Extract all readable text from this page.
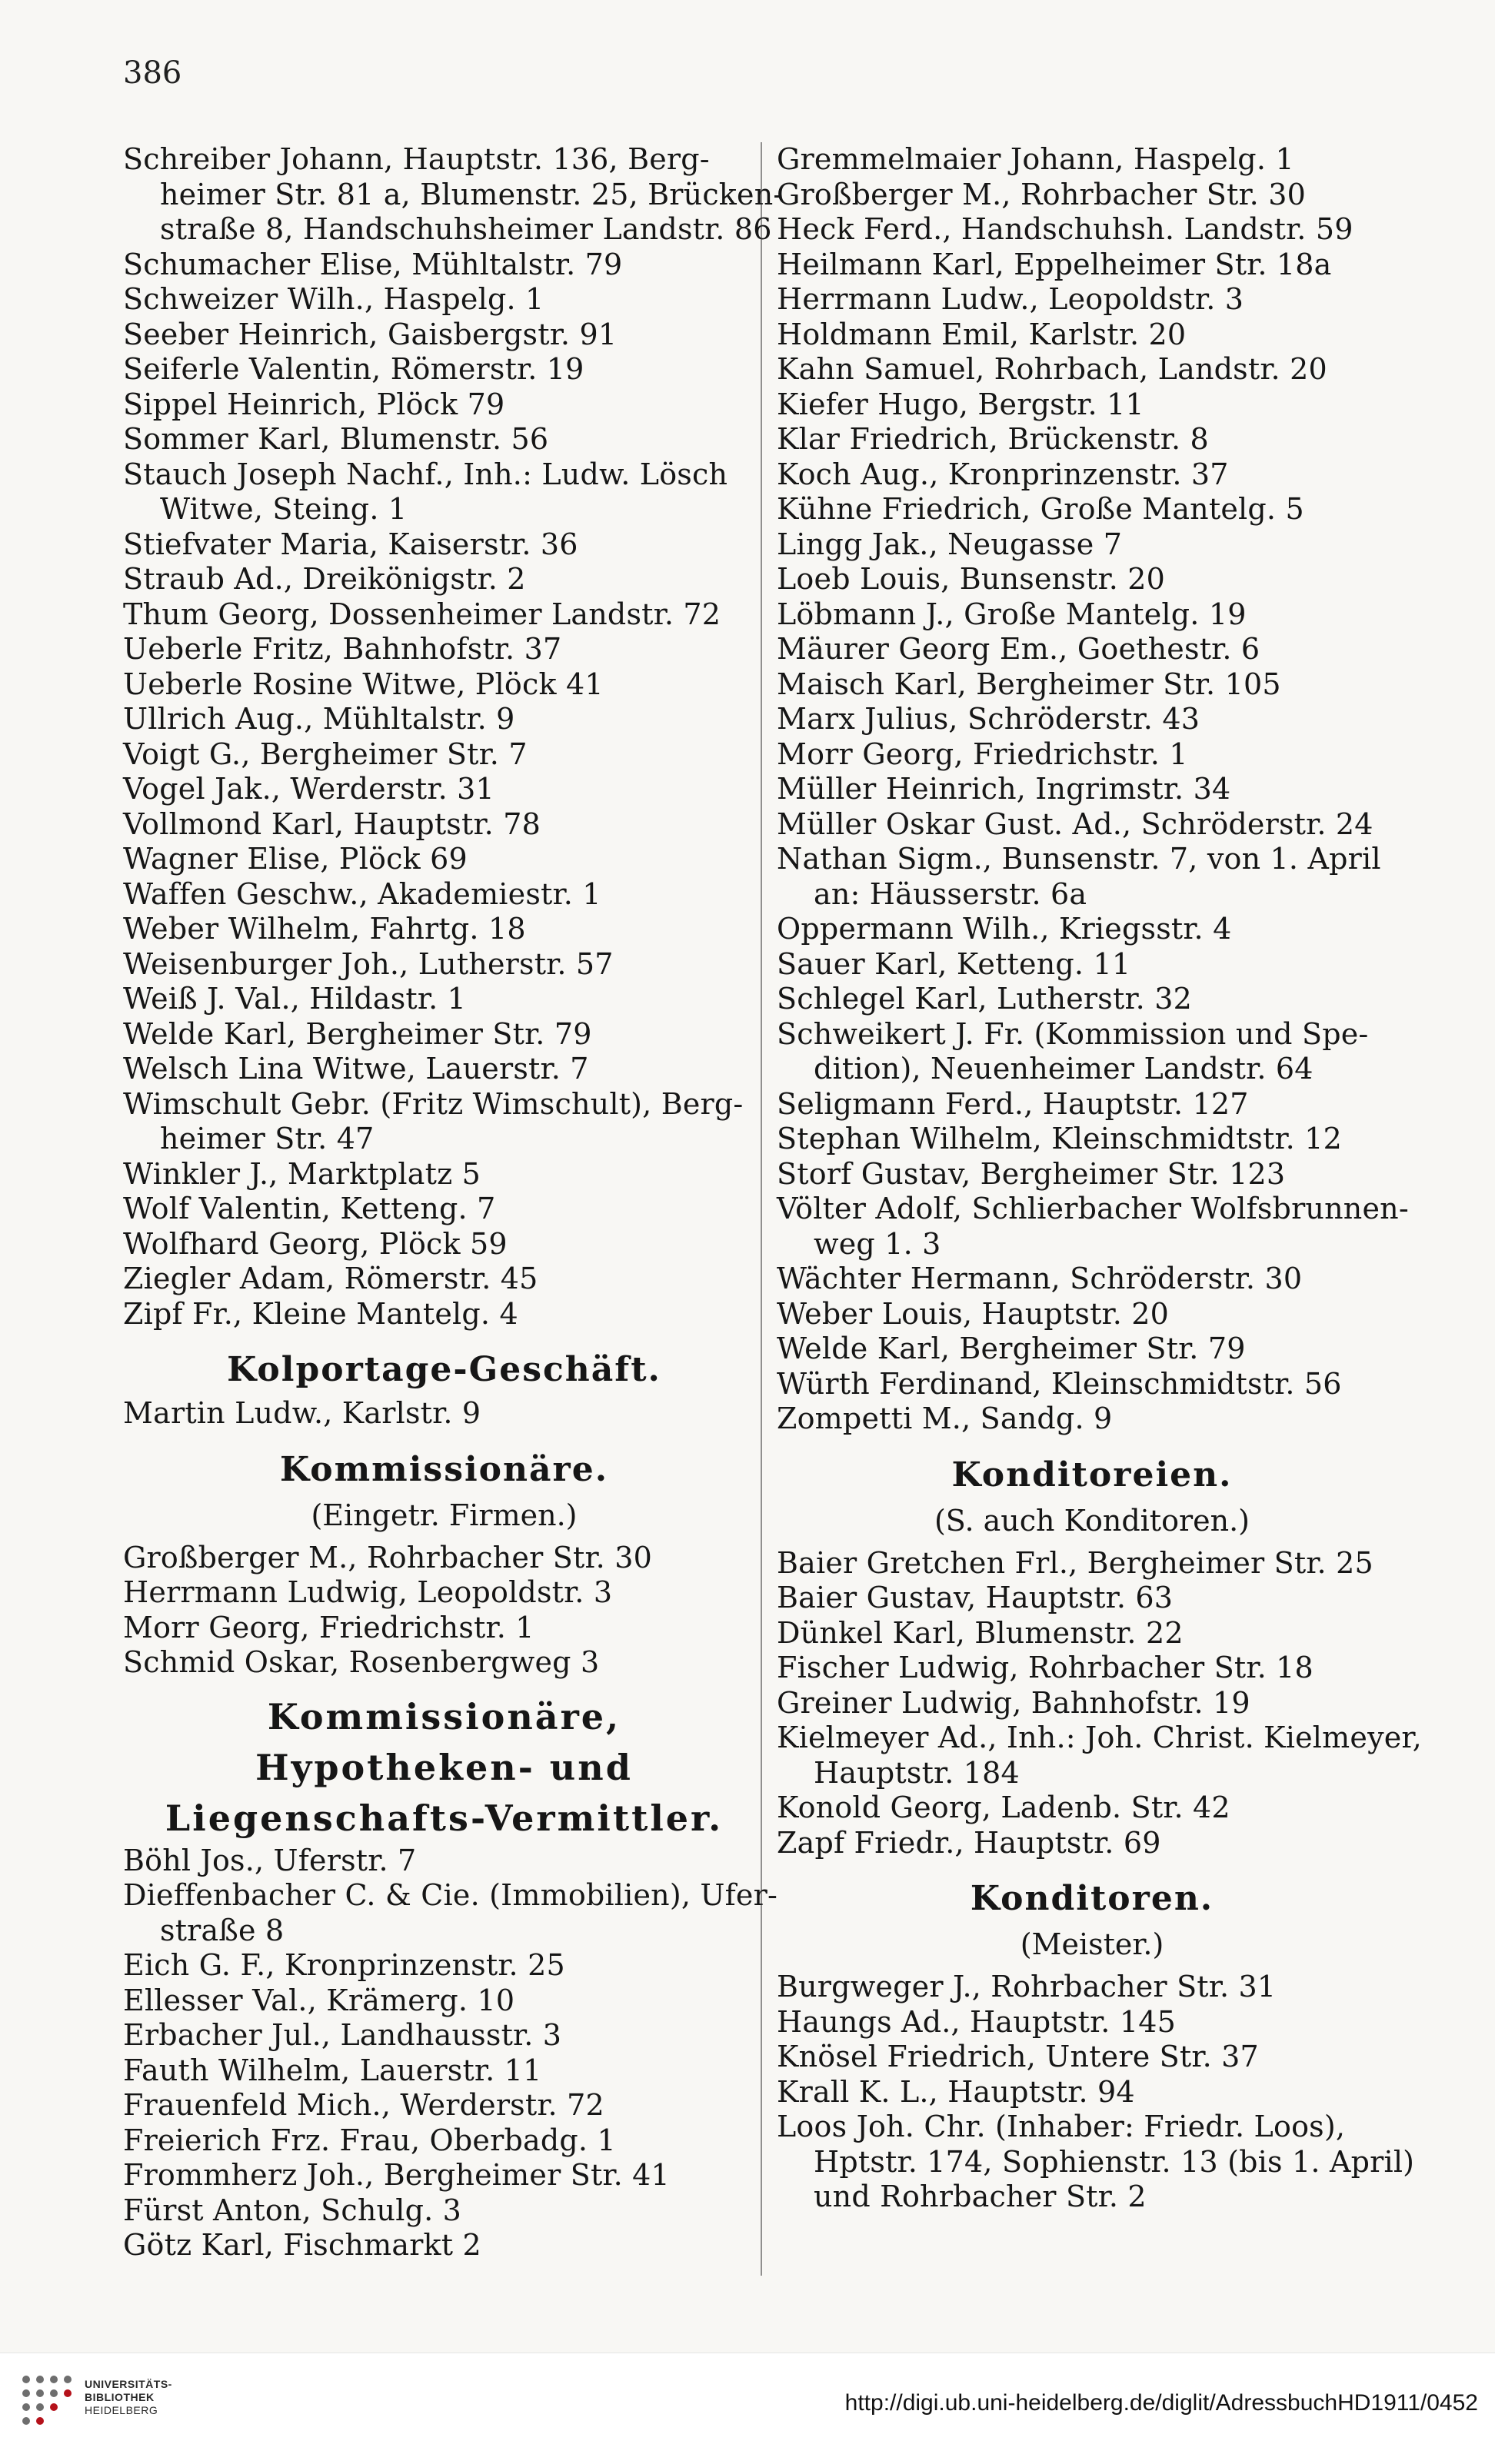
386
Schreiber Johann, Hauptstr. 136, Berg-
heimer Str. 81 a, Blumenstr. 25, Brücken-
straße 8, Handschuhsheimer Landstr. 86
Schumacher Elise, Mühltalstr. 79
Schweizer Wilh., Haspelg. 1
Seeber Heinrich, Gaisbergstr. 91
Seiferle Valentin, Römerstr. 19
Sippel Heinrich, Plöck 79
Sommer Karl, Blumenstr. 56
Stauch Joseph Nachf., Inh.: Ludw. Lösch
Witwe, Steing. 1
Stiefvater Maria, Kaiserstr. 36
Straub Ad., Dreikönigstr. 2
Thum Georg, Dossenheimer Landstr. 72
Ueberle Fritz, Bahnhofstr. 37
Ueberle Rosine Witwe, Plöck 41
Ullrich Aug., Mühltalstr. 9
Voigt G., Bergheimer Str. 7
Vogel Jak., Werderstr. 31
Vollmond Karl, Hauptstr. 78
Wagner Elise, Plöck 69
Waffen Geschw., Akademiestr. 1
Weber Wilhelm, Fahrtg. 18
Weisenburger Joh., Lutherstr. 57
Weiß J. Val., Hildastr. 1
Welde Karl, Bergheimer Str. 79
Welsch Lina Witwe, Lauerstr. 7
Wimschult Gebr. (Fritz Wimschult), Berg-
heimer Str. 47
Winkler J., Marktplatz 5
Wolf Valentin, Ketteng. 7
Wolfhard Georg, Plöck 59
Ziegler Adam, Römerstr. 45
Zipf Fr., Kleine Mantelg. 4
Kolportage-Geschäft.
Martin Ludw., Karlstr. 9
Kommissionäre.
(Eingetr. Firmen.)
Großberger M., Rohrbacher Str. 30
Herrmann Ludwig, Leopoldstr. 3
Morr Georg, Friedrichstr. 1
Schmid Oskar, Rosenbergweg 3
Kommissionäre, Hypotheken- und
Liegenschafts-Vermittler.
Böhl Jos., Uferstr. 7
Dieffenbacher C. & Cie. (Immobilien), Ufer-
straße 8
Eich G. F., Kronprinzenstr. 25
Ellesser Val., Krämerg. 10
Erbacher Jul., Landhausstr. 3
Fauth Wilhelm, Lauerstr. 11
Frauenfeld Mich., Werderstr. 72
Freierich Frz. Frau, Oberbadg. 1
Frommherz Joh., Bergheimer Str. 41
Fürst Anton, Schulg. 3
Götz Karl, Fischmarkt 2
Gremmelmaier Johann, Haspelg. 1
Großberger M., Rohrbacher Str. 30
Heck Ferd., Handschuhsh. Landstr. 59
Heilmann Karl, Eppelheimer Str. 18a
Herrmann Ludw., Leopoldstr. 3
Holdmann Emil, Karlstr. 20
Kahn Samuel, Rohrbach, Landstr. 20
Kiefer Hugo, Bergstr. 11
Klar Friedrich, Brückenstr. 8
Koch Aug., Kronprinzenstr. 37
Kühne Friedrich, Große Mantelg. 5
Lingg Jak., Neugasse 7
Loeb Louis, Bunsenstr. 20
Löbmann J., Große Mantelg. 19
Mäurer Georg Em., Goethestr. 6
Maisch Karl, Bergheimer Str. 105
Marx Julius, Schröderstr. 43
Morr Georg, Friedrichstr. 1
Müller Heinrich, Ingrimstr. 34
Müller Oskar Gust. Ad., Schröderstr. 24
Nathan Sigm., Bunsenstr. 7, von 1. April
an: Häusserstr. 6a
Oppermann Wilh., Kriegsstr. 4
Sauer Karl, Ketteng. 11
Schlegel Karl, Lutherstr. 32
Schweikert J. Fr. (Kommission und Spe-
dition), Neuenheimer Landstr. 64
Seligmann Ferd., Hauptstr. 127
Stephan Wilhelm, Kleinschmidtstr. 12
Storf Gustav, Bergheimer Str. 123
Völter Adolf, Schlierbacher Wolfsbrunnen-
weg 1. 3
Wächter Hermann, Schröderstr. 30
Weber Louis, Hauptstr. 20
Welde Karl, Bergheimer Str. 79
Würth Ferdinand, Kleinschmidtstr. 56
Zompetti M., Sandg. 9
Konditoreien.
(S. auch Konditoren.)
Baier Gretchen Frl., Bergheimer Str. 25
Baier Gustav, Hauptstr. 63
Dünkel Karl, Blumenstr. 22
Fischer Ludwig, Rohrbacher Str. 18
Greiner Ludwig, Bahnhofstr. 19
Kielmeyer Ad., Inh.: Joh. Christ. Kielmeyer,
Hauptstr. 184
Konold Georg, Ladenb. Str. 42
Zapf Friedr., Hauptstr. 69
Konditoren.
(Meister.)
Burgweger J., Rohrbacher Str. 31
Haungs Ad., Hauptstr. 145
Knösel Friedrich, Untere Str. 37
Krall K. L., Hauptstr. 94
Loos Joh. Chr. (Inhaber: Friedr. Loos),
Hptstr. 174, Sophienstr. 13 (bis 1. April)
und Rohrbacher Str. 2
UNIVERSITÄTS-
BIBLIOTHEK
HEIDELBERG	http://digi.ub.uni-heidelberg.de/diglit/AdressbuchHD1911/0452
